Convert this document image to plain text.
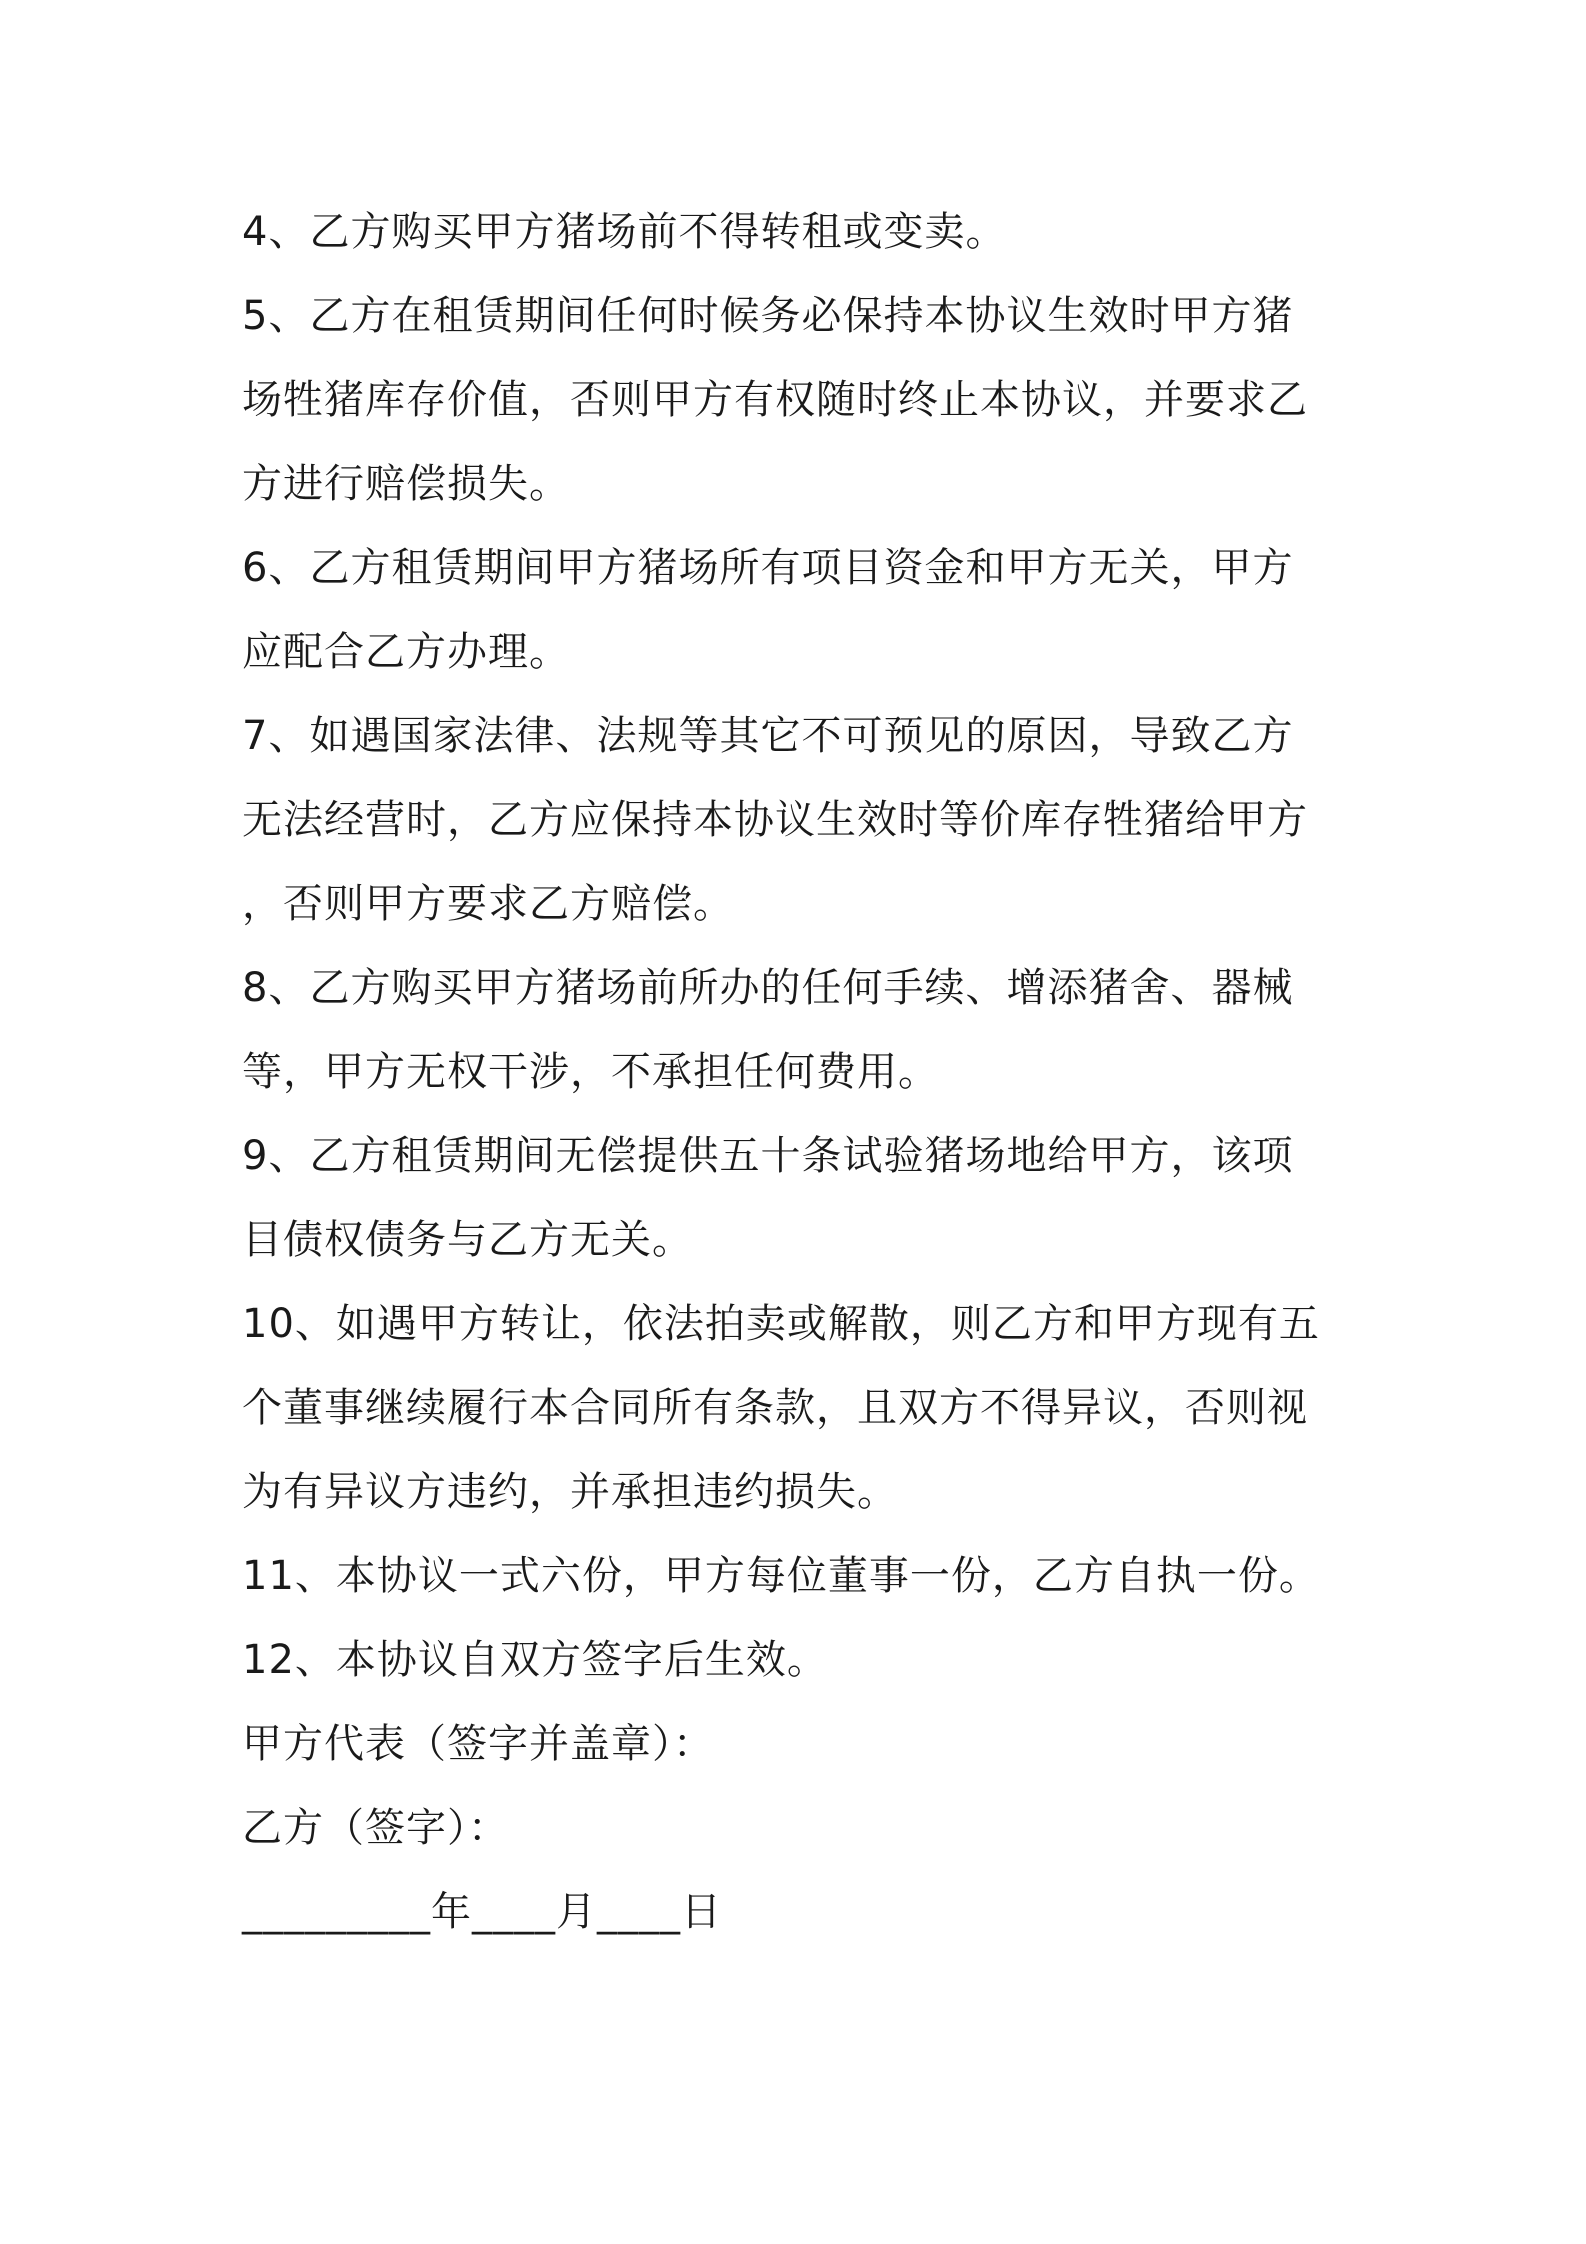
4、乙方购买甲方猪场前不得转租或变卖。
5、乙方在租赁期间任何时候务必保持本协议生效时甲方猪
场牲猪库存价值，否则甲方有权随时终止本协议，并要求乙
方进行赔偿损失。
6、乙方租赁期间甲方猪场所有项目资金和甲方无关，甲方
应配合乙方办理。
7、如遇国家法律、法规等其它不可预见的原因，导致乙方
无法经营时，乙方应保持本协议生效时等价库存牲猪给甲方
，否则甲方要求乙方赔偿。
8、乙方购买甲方猪场前所办的任何手续、增添猪舍、器械
等，甲方无权干涉，不承担任何费用。
9、乙方租赁期间无偿提供五十条试验猪场地给甲方，该项
目债权债务与乙方无关。
10、如遇甲方转让，依法拍卖或解散，则乙方和甲方现有五
个董事继续履行本合同所有条款，且双方不得异议，否则视
为有异议方违约，并承担违约损失。
11、本协议一式六份，甲方每位董事一份，乙方自执一份。
12、本协议自双方签字后生效。
甲方代表（签字并盖章）：
乙方（签字）：
_________年____月____日
